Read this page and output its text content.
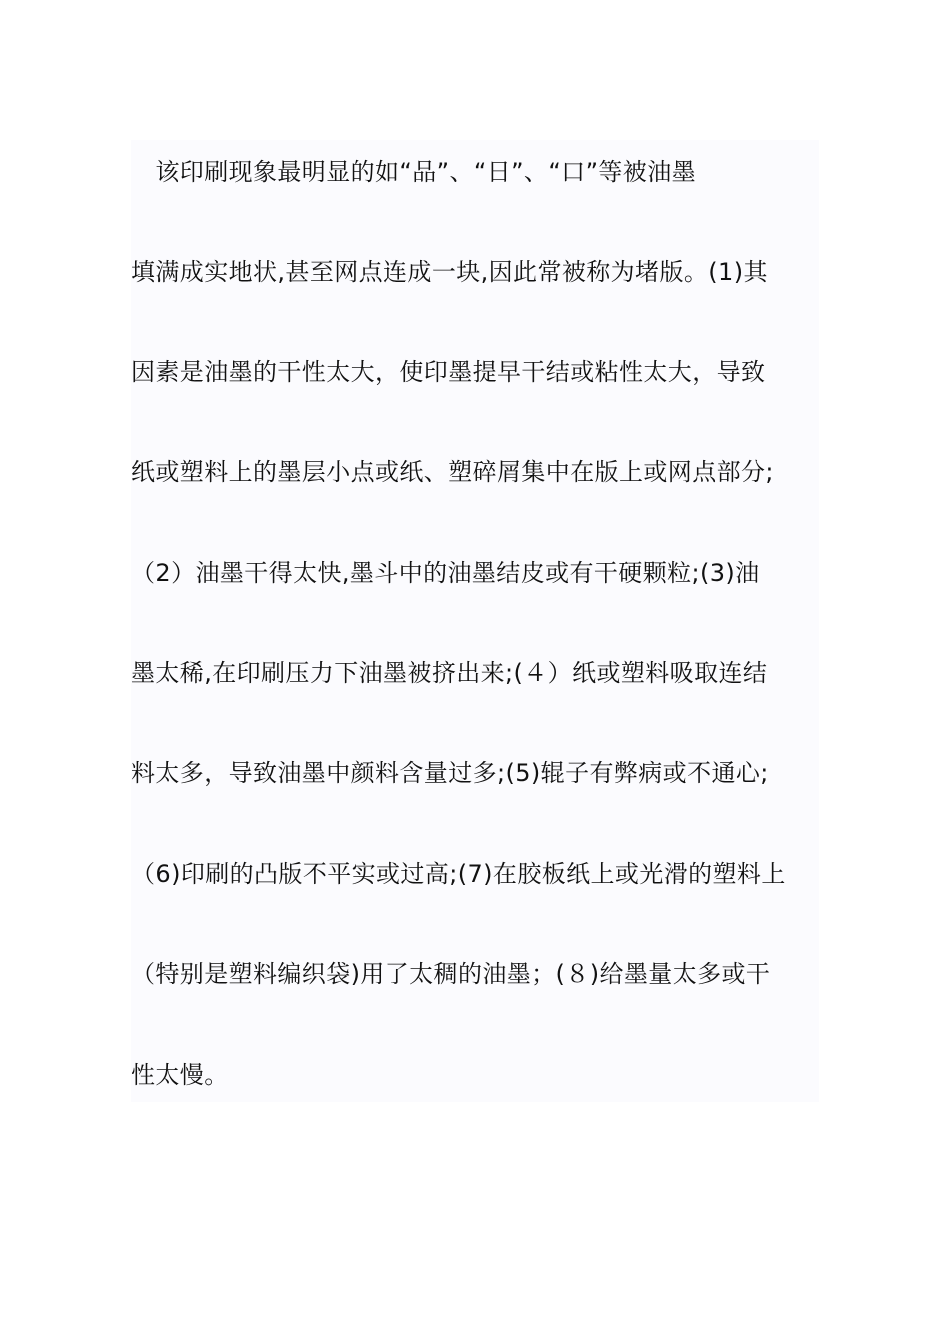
　该印刷现象最明显的如“品”、“日”、“口”等被油墨
填满成实地状,甚至网点连成一块,因此常被称为堵版。(1)其
因素是油墨的干性太大，使印墨提早干结或粘性太大，导致
纸或塑料上的墨层小点或纸、塑碎屑集中在版上或网点部分;
（2）油墨干得太快,墨斗中的油墨结皮或有干硬颗粒;(3)油
墨太稀,在印刷压力下油墨被挤出来;(４）纸或塑料吸取连结
料太多，导致油墨中颜料含量过多;(5)辊子有弊病或不通心;
（6)印刷的凸版不平实或过高;(7)在胶板纸上或光滑的塑料上
（特别是塑料编织袋)用了太稠的油墨；(８)给墨量太多或干
性太慢。
